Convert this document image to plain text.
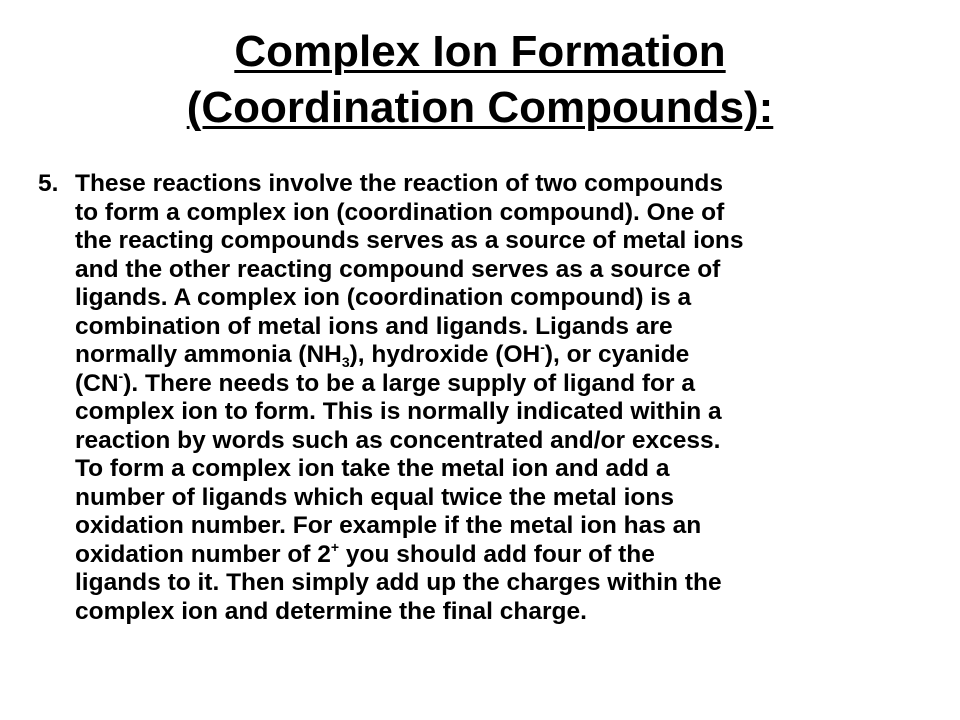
Complex Ion Formation
(Coordination Compounds):
5. These reactions involve the reaction of two compounds
to form a complex ion (coordination compound). One of
the reacting compounds serves as a source of metal ions
and the other reacting compound serves as a source of
ligands. A complex ion (coordination compound) is a
combination of metal ions and ligands. Ligands are
normally ammonia $(NH_3)$, hydroxide (OH-), or cyanide
(CN-). There needs to be a large supply of ligand for a
complex ion to form. This is normally indicated within a
reaction by words such as concentrated and/or excess.
To form a complex ion take the metal ion and add a
number of ligands which equal twice the metal ions
oxidation number. For example if the metal ion has an
oxidation number of 2+ you should add four of the
ligands to it. Then simply add up the charges within the
complex ion and determine the final charge.
